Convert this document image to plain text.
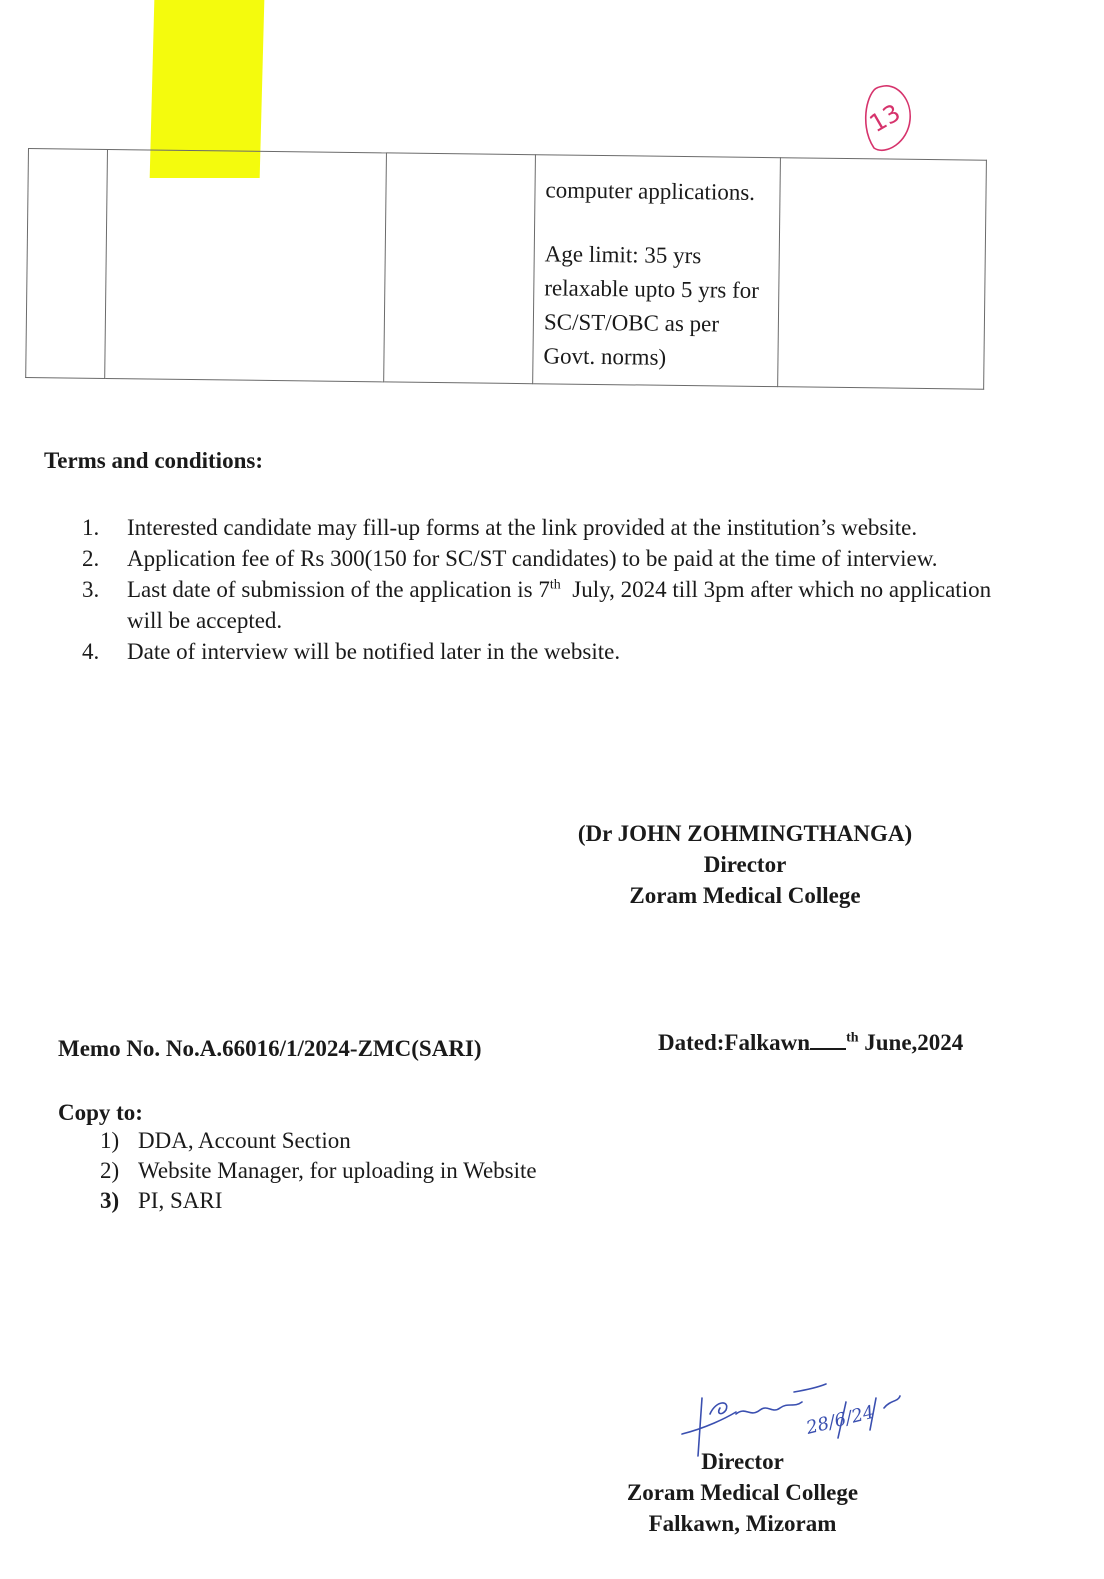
13

computer applications.

Age limit: 35 yrs relaxable upto 5 yrs for SC/ST/OBC as per Govt. norms)

Terms and conditions:
1. Interested candidate may fill-up forms at the link provided at the institution’s website.
2. Application fee of Rs 300(150 for SC/ST candidates) to be paid at the time of interview.
3. Last date of submission of the application is 7th  July, 2024 till 3pm after which no application will be accepted.
4. Date of interview will be notified later in the website.
(Dr JOHN ZOHMINGTHANGA)
Director
Zoram Medical College
Memo No. No.A.66016/1/2024-ZMC(SARI)	Dated:Falkawn	$^{th}$ June,2024
Copy to:
1) DDA, Account Section
2) Website Manager, for uploading in Website
3) PI, SARI
28/6/24
Director
Zoram Medical College
Falkawn, Mizoram
